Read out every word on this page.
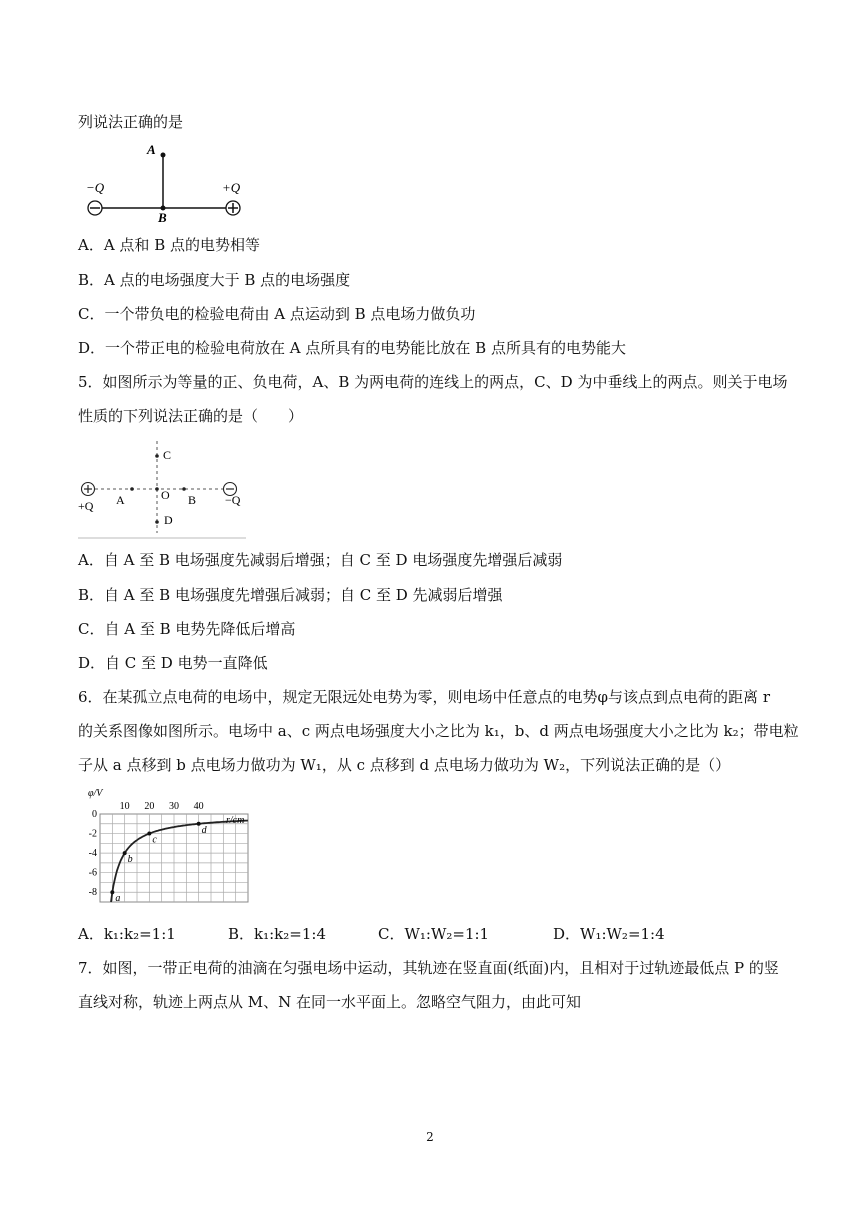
列说法正确的是
A
B
−Q	+Q
A．A 点和 B 点的电势相等
B．A 点的电场强度大于 B 点的电场强度
C．一个带负电的检验电荷由 A 点运动到 B 点电场力做负功
D．一个带正电的检验电荷放在 A 点所具有的电势能比放在 B 点所具有的电势能大
5．如图所示为等量的正、负电荷，A、B 为两电荷的连线上的两点，C、D 为中垂线上的两点。则关于电场
性质的下列说法正确的是（　　）
C
A	O B
D
+Q	−Q
A．自 A 至 B 电场强度先减弱后增强；自 C 至 D 电场强度先增强后减弱
B．自 A 至 B 电场强度先增强后减弱；自 C 至 D 先减弱后增强
C．自 A 至 B 电势先降低后增高
D．自 C 至 D 电势一直降低
6．在某孤立点电荷的电场中，规定无限远处电势为零，则电场中任意点的电势φ与该点到点电荷的距离 r
的关系图像如图所示。电场中 a、c 两点电场强度大小之比为 k₁，b、d 两点电场强度大小之比为 k₂；带电粒
子从 a 点移到 b 点电场力做功为 W₁，从 c 点移到 d 点电场力做功为 W₂，下列说法正确的是（）
10 20 30 40
0
-2
-4
-6
-8
a
b
c
d
φ/V
r/cm
A．k₁:k₂=1:1	B．k₁:k₂=1:4	C．W₁:W₂=1:1	D．W₁:W₂=1:4
7．如图，一带正电荷的油滴在匀强电场中运动，其轨迹在竖直面(纸面)内，且相对于过轨迹最低点 P 的竖
直线对称，轨迹上两点从 M、N 在同一水平面上。忽略空气阻力，由此可知
2
